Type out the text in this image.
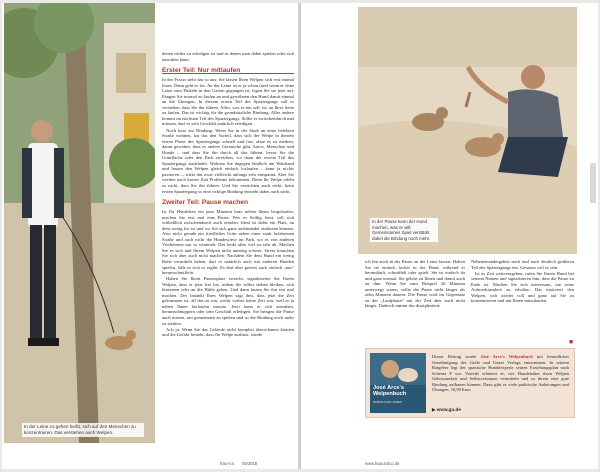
In der Leine zu gehen heißt, sich auf den Menschen zu konzentrieren. Das verstehen auch Welpen.

denen nichts zu erledigen ist und in denen man dabei spielen oder sich ausruhen kann.

Erster Teil: Nur mitlaufen

In der Praxis sieht das so aus: Sie lassen Ihren Welpen sich erst einmal lösen. Dann geht es los. An der Leine ist er ja schon (und wenn er ohne Leine zum Pinkeln in den Garten gegangen ist, legen Sie sie jetzt an). Fangen Sie normal zu laufen an und gewöhnen den Hund damit einmal an die Übungen. In diesem ersten Teil des Spaziergangs soll er verstehen, dass Sie ihn führen. Alles, was er tun soll, ist, an Ihrer Seite zu laufen. Das ist wichtig für die grundsätzliche Bindung. Alles andere kommt im nächsten Teil des Spaziergangs. Sollte er zwischendurch mal müssen, darf er sein Geschäft natürlich erledigen.

Noch kurz zur Bindung: Wenn Sie in der Stadt an einer belebten Straße wohnen, hat das den Vorteil, dass sich der Welpe in diesem ersten Phase des Spaziergangs schnell und fast, ohne es zu merken, daran gewöhnt, dass es andere Geräusche gibt, Autos, Menschen und Hunde – und dass Sie ihn durch all das führen, bevor Sie die Grünfläche oder den Park erreichen, wo dann der zweite Teil des Spaziergangs stattfindet. Wohnen Sie dagegen ländlich am Waldrand und lassen den Welpen gleich einfach loslaufen – kann ja nichts passieren –, wirkt das zwar vielleicht anfangs sehr entspannt. Aber Sie werden nach kurzer Zeit Probleme bekommen. Denn Ihr Welpe erlebt so nicht, dass Sie ihn führen. Und Sie verzichten auch nicht, beim ersten Spaziergang so eine richtige Bindung entsteht dabei auch nicht.

Zweiter Teil: Pause machen

Ist Ihr Hündchen ein paar Minuten brav neben Ihnen hergelaufen, machen Sie erst mal eine Pause. Wer es fleißig lernt, soll sich schließlich zwischendurch auch erholen. Ideal ist dafür ein Platz, an dem wenig los ist und wo Sie sich ganz aufeinander einlassen können. Also nicht gerade ein friedliches Grün neben einer stark befahrenen Straße und auch nicht die Hundewiese im Park, wo es von anderen Vierbeinern nur so wimmelt. Das lenkt alles viel zu sehr ab. Machen Sie es sich und Ihrem Welpen nicht unnötig schwer. Stress brauchen Sie sich aber auch nicht machen: Nachdem Sie dem Hund ein wenig Ruhe vermittelt haben, darf er natürlich auch mit anderen Hunden spielen, falls es sich so ergibt. Es darf aber gewiss auch einfach „nur“ herumschnüffeln.

Haben Sie Ihren Pausenplatz erreicht, signalisieren Sie Ihrem Welpen, dass er jetzt frei hat, indem Sie selbst stehen bleiben, sich hinsetzen oder an die Hüfte gehen. Und dann lassen Sie ihn erst mal machen. Der Instinkt Ihres Welpen sagt ihm, dass jetzt die Zeit gekommen ist, all das zu tun, wofür vorher keine Zeit war, weil er ja neben Ihnen herlaufen musste. Jetzt kann er sich ausruhen, herumschnuppern oder sein Geschäft erledigen. Sie bringen die Pause auch nutzen, um gemeinsam zu spielen und so die Bindung noch mehr zu stärken.

Ach ja: Wenn Sie das Gelände nicht komplett überschauen können und die Gefahr besteht, dass Ihr Welpe ausbüxt, würde

frau+co 05/2018
In der Pause kann der Hund machen, was er will. Gemeinsames Spiel verstärkt dabei die Bindung noch mehr.

ich ihn auch in der Pause an der Leine lassen. Halten Sie sie einfach locker in der Hand, während er herumläuft, schnüffelt oder spielt. Sie ist einfach da und ganz normal. Sie gehört zu Ihnen und damit auch zu ihm. Wenn Sie zum Beispiel 20 Minuten unterwegs waren, sollte die Pause nicht länger als zehn Minuten dauern. Die Pause wird im Gegensatz zu der „Laufphase“ mit der Zeit aber auch nicht länger. Dadurch nimmt das disziplinierte

Nebeneinandergehen nach und nach deutlich größeren Teil des Spaziergangs ein. Genauso soll es sein.

Ist es Zeit weiterzugehen, rufen Sie Ihrem Hund bei seinem Namen und signalisieren ihm, dass die Pause zu Ende ist. Machen Sie sich interessant, um seine Aufmerksamkeit zu erhalten. Das motiviert den Welpen, sich wieder voll und ganz auf Sie zu konzentrieren und mit Ihnen mitzulaufen.

◼
José Arce's Welpenbuch
GRÄFE UND UNZER
Dieser Beitrag wurde José Arce's Welpenbuch mit freundlicher Genehmigung des Gräfe und Unzer Verlags entnommen. In seinem Ratgeber legt der spanische Hundeexperte seinen Erziehungsplan nach Schema F vor. Vorteile erläutert er, wie Hundehalter ihren Welpen Gehorsamkeit und Selbstvertrauen vermitteln und so ihrem eine gute Bindung aufbauen können. Dazu gibt es viele praktische Anleitungen und Übungen. 16,99 Euro
▶ www.gu.de
www.frauundco.de
